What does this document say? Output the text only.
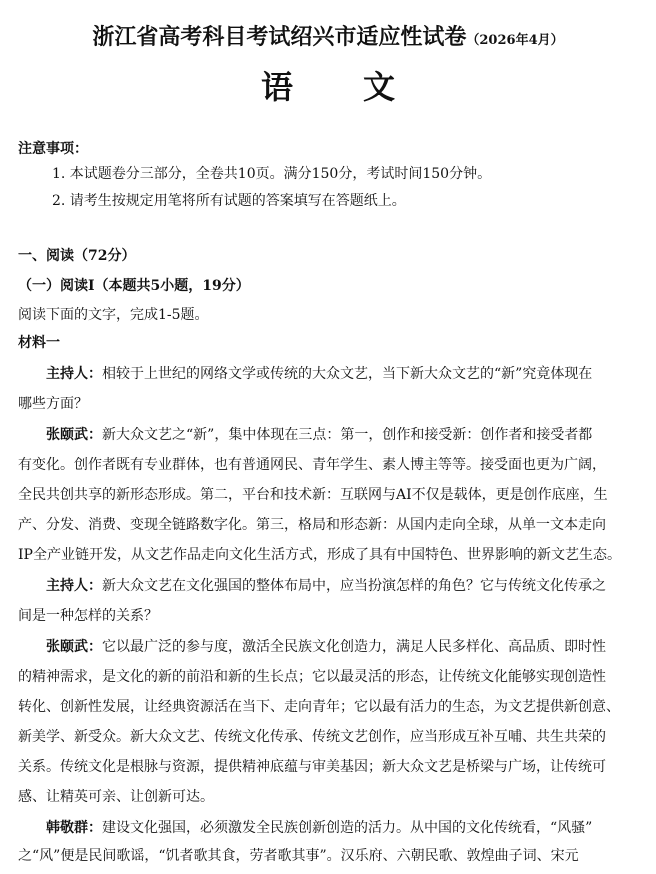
浙江省高考科目考试绍兴市适应性试卷（2026年4月）
语 文
注意事项：
1. 本试题卷分三部分，全卷共10页。满分150分，考试时间150分钟。
2. 请考生按规定用笔将所有试题的答案填写在答题纸上。
一、阅读（72分）
（一）阅读Ⅰ（本题共5小题，19分）
阅读下面的文字，完成1-5题。
材料一
主持人：相较于上世纪的网络文学或传统的大众文艺，当下新大众文艺的“新”究竟体现在
哪些方面？
张颐武：新大众文艺之“新”，集中体现在三点：第一，创作和接受新：创作者和接受者都
有变化。创作者既有专业群体，也有普通网民、青年学生、素人博主等等。接受面也更为广阔，
全民共创共享的新形态形成。第二，平台和技术新：互联网与AI不仅是载体，更是创作底座，生
产、分发、消费、变现全链路数字化。第三，格局和形态新：从国内走向全球，从单一文本走向
IP全产业链开发，从文艺作品走向文化生活方式，形成了具有中国特色、世界影响的新文艺生态。
主持人：新大众文艺在文化强国的整体布局中，应当扮演怎样的角色？它与传统文化传承之
间是一种怎样的关系？
张颐武：它以最广泛的参与度，激活全民族文化创造力，满足人民多样化、高品质、即时性
的精神需求，是文化的新的前沿和新的生长点；它以最灵活的形态，让传统文化能够实现创造性
转化、创新性发展，让经典资源活在当下、走向青年；它以最有活力的生态，为文艺提供新创意、
新美学、新受众。新大众文艺、传统文化传承、传统文艺创作，应当形成互补互哺、共生共荣的
关系。传统文化是根脉与资源，提供精神底蕴与审美基因；新大众文艺是桥梁与广场，让传统可
感、让精英可亲、让创新可达。
韩敬群：建设文化强国，必须激发全民族创新创造的活力。从中国的文化传统看，“风骚”
之“风”便是民间歌谣，“饥者歌其食，劳者歌其事”。汉乐府、六朝民歌、敦煌曲子词、宋元
